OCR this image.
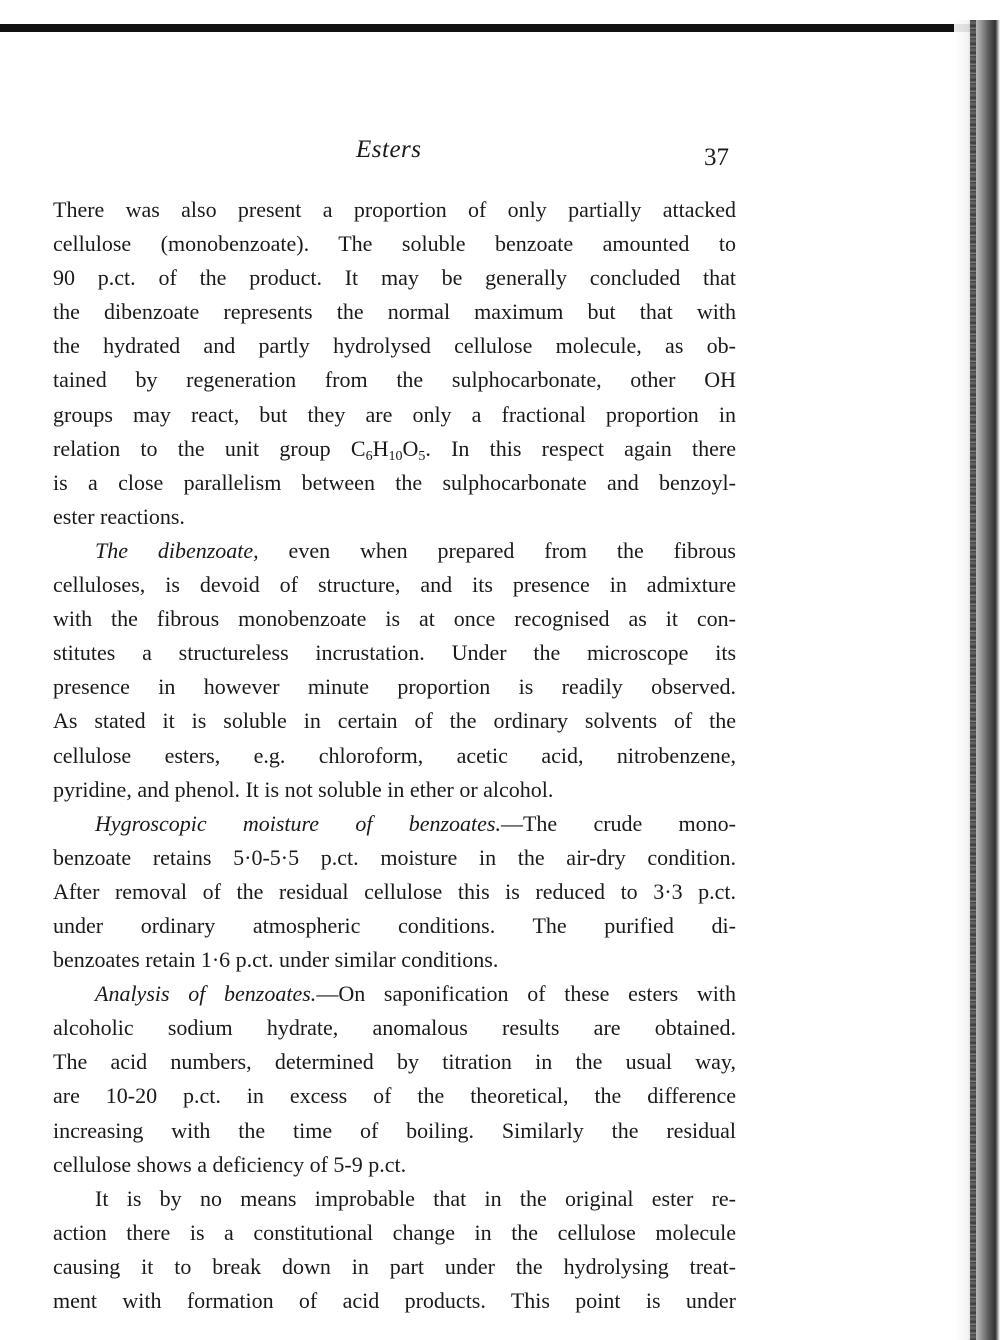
Esters	37
There was also present a proportion of only partially attacked
cellulose (monobenzoate). The soluble benzoate amounted to
90 p.ct. of the product. It may be generally concluded that
the dibenzoate represents the normal maximum but that with
the hydrated and partly hydrolysed cellulose molecule, as ob-
tained by regeneration from the sulphocarbonate, other OH
groups may react, but they are only a fractional proportion in
relation to the unit group $C_6H_{10}O_5$. In this respect again there
is a close parallelism between the sulphocarbonate and benzoyl-
ester reactions.
The dibenzoate, even when prepared from the fibrous
celluloses, is devoid of structure, and its presence in admixture
with the fibrous monobenzoate is at once recognised as it con-
stitutes a structureless incrustation. Under the microscope its
presence in however minute proportion is readily observed.
As stated it is soluble in certain of the ordinary solvents of the
cellulose esters, e.g. chloroform, acetic acid, nitrobenzene,
pyridine, and phenol. It is not soluble in ether or alcohol.
Hygroscopic moisture of benzoates.—The crude mono-
benzoate retains 5·0-5·5 p.ct. moisture in the air-dry condition.
After removal of the residual cellulose this is reduced to 3·3 p.ct.
under ordinary atmospheric conditions. The purified di-
benzoates retain 1·6 p.ct. under similar conditions.
Analysis of benzoates.—On saponification of these esters with
alcoholic sodium hydrate, anomalous results are obtained.
The acid numbers, determined by titration in the usual way,
are 10-20 p.ct. in excess of the theoretical, the difference
increasing with the time of boiling. Similarly the residual
cellulose shows a deficiency of 5-9 p.ct.
It is by no means improbable that in the original ester re-
action there is a constitutional change in the cellulose molecule
causing it to break down in part under the hydrolysing treat-
ment with formation of acid products. This point is under
